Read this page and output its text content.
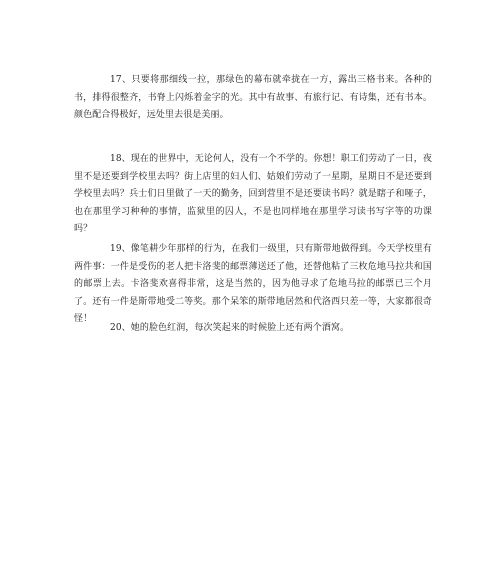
17、只要将那细线一拉，那绿色的幕布就牵拢在一方，露出三格书来。各种的书，排得很整齐，书脊上闪烁着金字的光。其中有故事、有旅行记、有诗集，还有书本。颜色配合得极好，远处里去很是美丽。

18、现在的世界中，无论何人，没有一个不学的。你想！职工们劳动了一日，夜里不是还要到学校里去吗？街上店里的妇人们、姑娘们劳动了一星期，星期日不是还要到学校里去吗？兵士们日里做了一天的勤务，回到营里不是还要读书吗？就是瞎子和哑子，也在那里学习种种的事情，监狱里的囚人，不是也同样地在那里学习读书写字等的功课吗？

19、像笔耕少年那样的行为，在我们一级里，只有斯带地做得到。今天学校里有两件事：一件是受伤的老人把卡洛斐的邮票薄送还了他，还替他粘了三枚危地马拉共和国的邮票上去。卡洛斐欢喜得非常，这是当然的，因为他寻求了危地马拉的邮票已三个月了。还有一件是斯带地受二等奖。那个呆笨的斯带地居然和代洛西只差一等，大家都很奇怪！

20、她的脸色红润，每次笑起来的时候脸上还有两个酒窝。
